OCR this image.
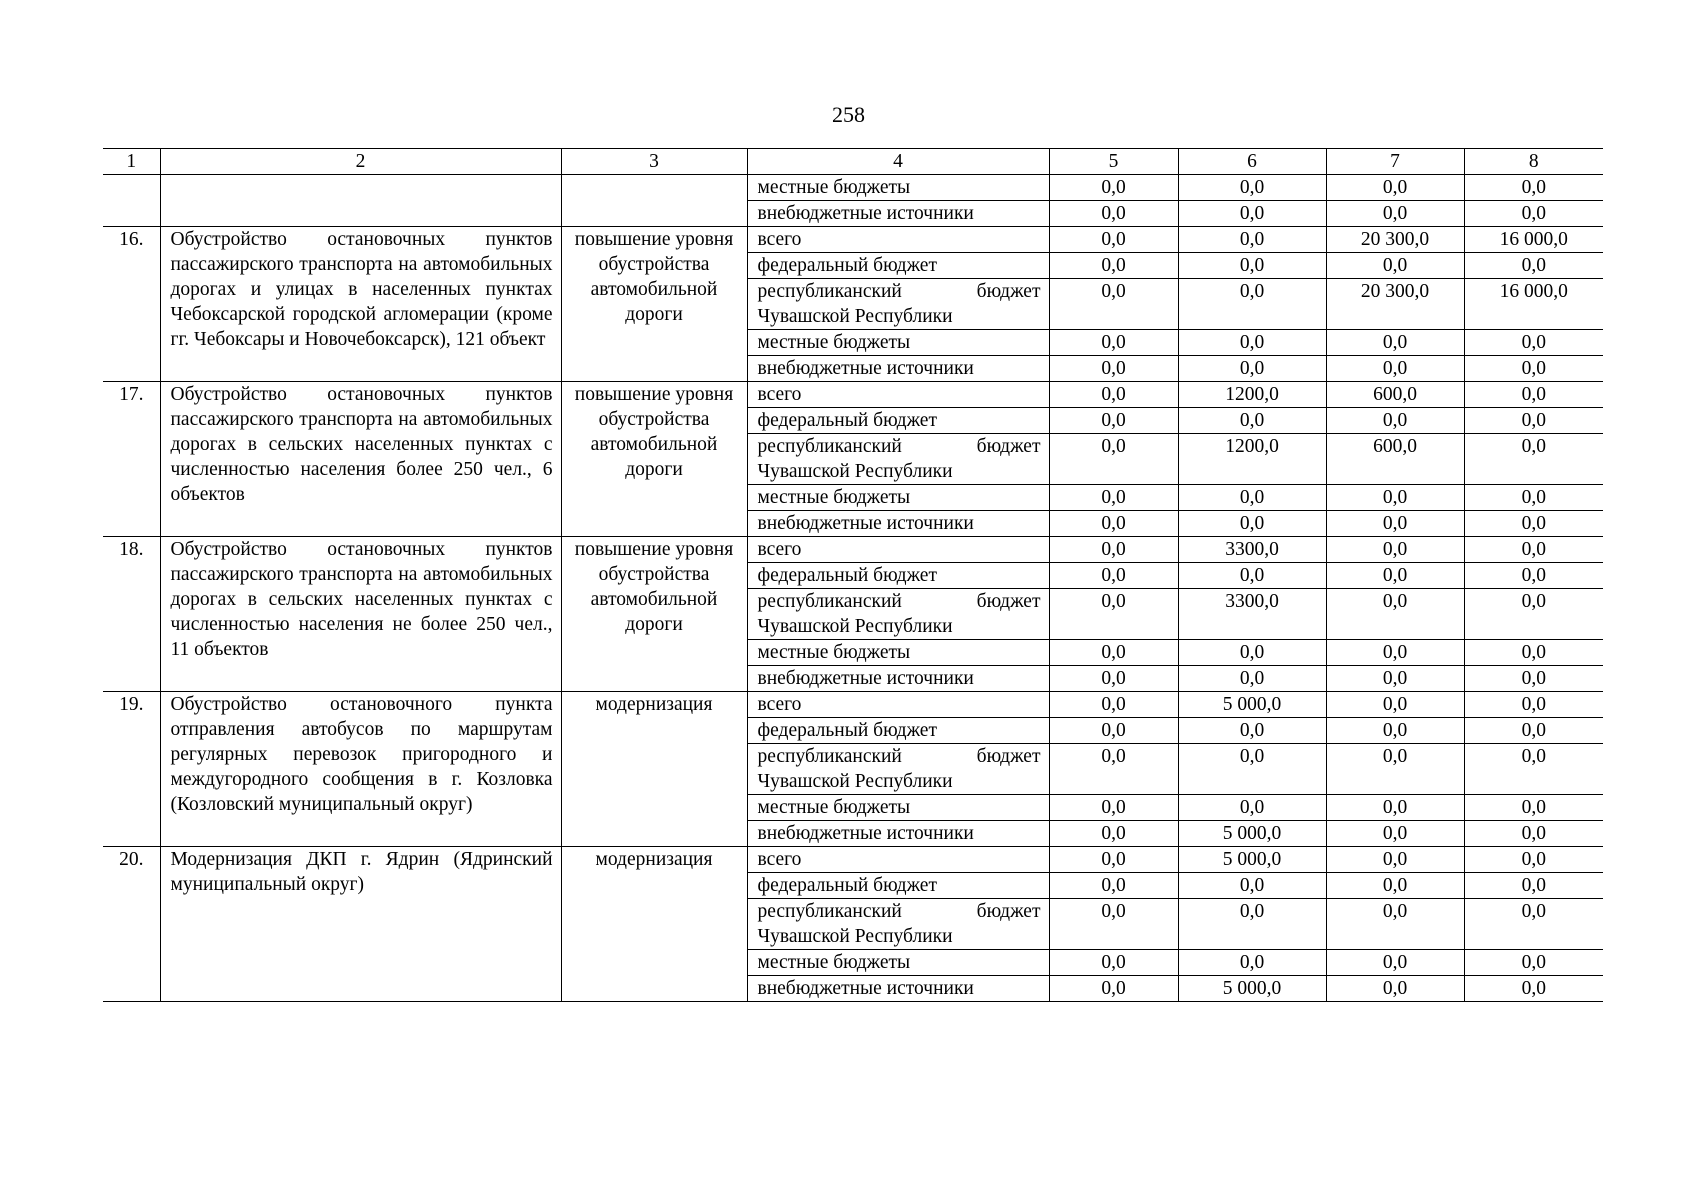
258
1	2	3	4	5	6	7	8
			местные бюджеты	0,0	0,0	0,0	0,0
			внебюджетные источники	0,0	0,0	0,0	0,0
16.	Обустройство остановочных пунктов пассажирского транспорта на автомобильных дорогах и улицах в населенных пунктах Чебоксарской городской агломерации (кроме гг. Чебоксары и Новочебоксарск), 121 объект	повышение уровня обустройства автомобильной дороги	всего	0,0	0,0	20 300,0	16 000,0
			федеральный бюджет	0,0	0,0	0,0	0,0
			республиканский бюджет Чувашской Республики	0,0	0,0	20 300,0	16 000,0
			местные бюджеты	0,0	0,0	0,0	0,0
			внебюджетные источники	0,0	0,0	0,0	0,0
17.	Обустройство остановочных пунктов пассажирского транспорта на автомобильных дорогах в сельских населенных пунктах с численностью населения более 250 чел., 6 объектов	повышение уровня обустройства автомобильной дороги	всего	0,0	1200,0	600,0	0,0
			федеральный бюджет	0,0	0,0	0,0	0,0
			республиканский бюджет Чувашской Республики	0,0	1200,0	600,0	0,0
			местные бюджеты	0,0	0,0	0,0	0,0
			внебюджетные источники	0,0	0,0	0,0	0,0
18.	Обустройство остановочных пунктов пассажирского транспорта на автомобильных дорогах в сельских населенных пунктах с численностью населения не более 250 чел., 11 объектов	повышение уровня обустройства автомобильной дороги	всего	0,0	3300,0	0,0	0,0
			федеральный бюджет	0,0	0,0	0,0	0,0
			республиканский бюджет Чувашской Республики	0,0	3300,0	0,0	0,0
			местные бюджеты	0,0	0,0	0,0	0,0
			внебюджетные источники	0,0	0,0	0,0	0,0
19.	Обустройство остановочного пункта отправления автобусов по маршрутам регулярных перевозок пригородного и междугородного сообщения в г. Козловка (Козловский муниципальный округ)	модернизация	всего	0,0	5 000,0	0,0	0,0
			федеральный бюджет	0,0	0,0	0,0	0,0
			республиканский бюджет Чувашской Республики	0,0	0,0	0,0	0,0
			местные бюджеты	0,0	0,0	0,0	0,0
			внебюджетные источники	0,0	5 000,0	0,0	0,0
20.	Модернизация ДКП г. Ядрин (Ядринский муниципальный округ)	модернизация	всего	0,0	5 000,0	0,0	0,0
			федеральный бюджет	0,0	0,0	0,0	0,0
			республиканский бюджет Чувашской Республики	0,0	0,0	0,0	0,0
			местные бюджеты	0,0	0,0	0,0	0,0
			внебюджетные источники	0,0	5 000,0	0,0	0,0
